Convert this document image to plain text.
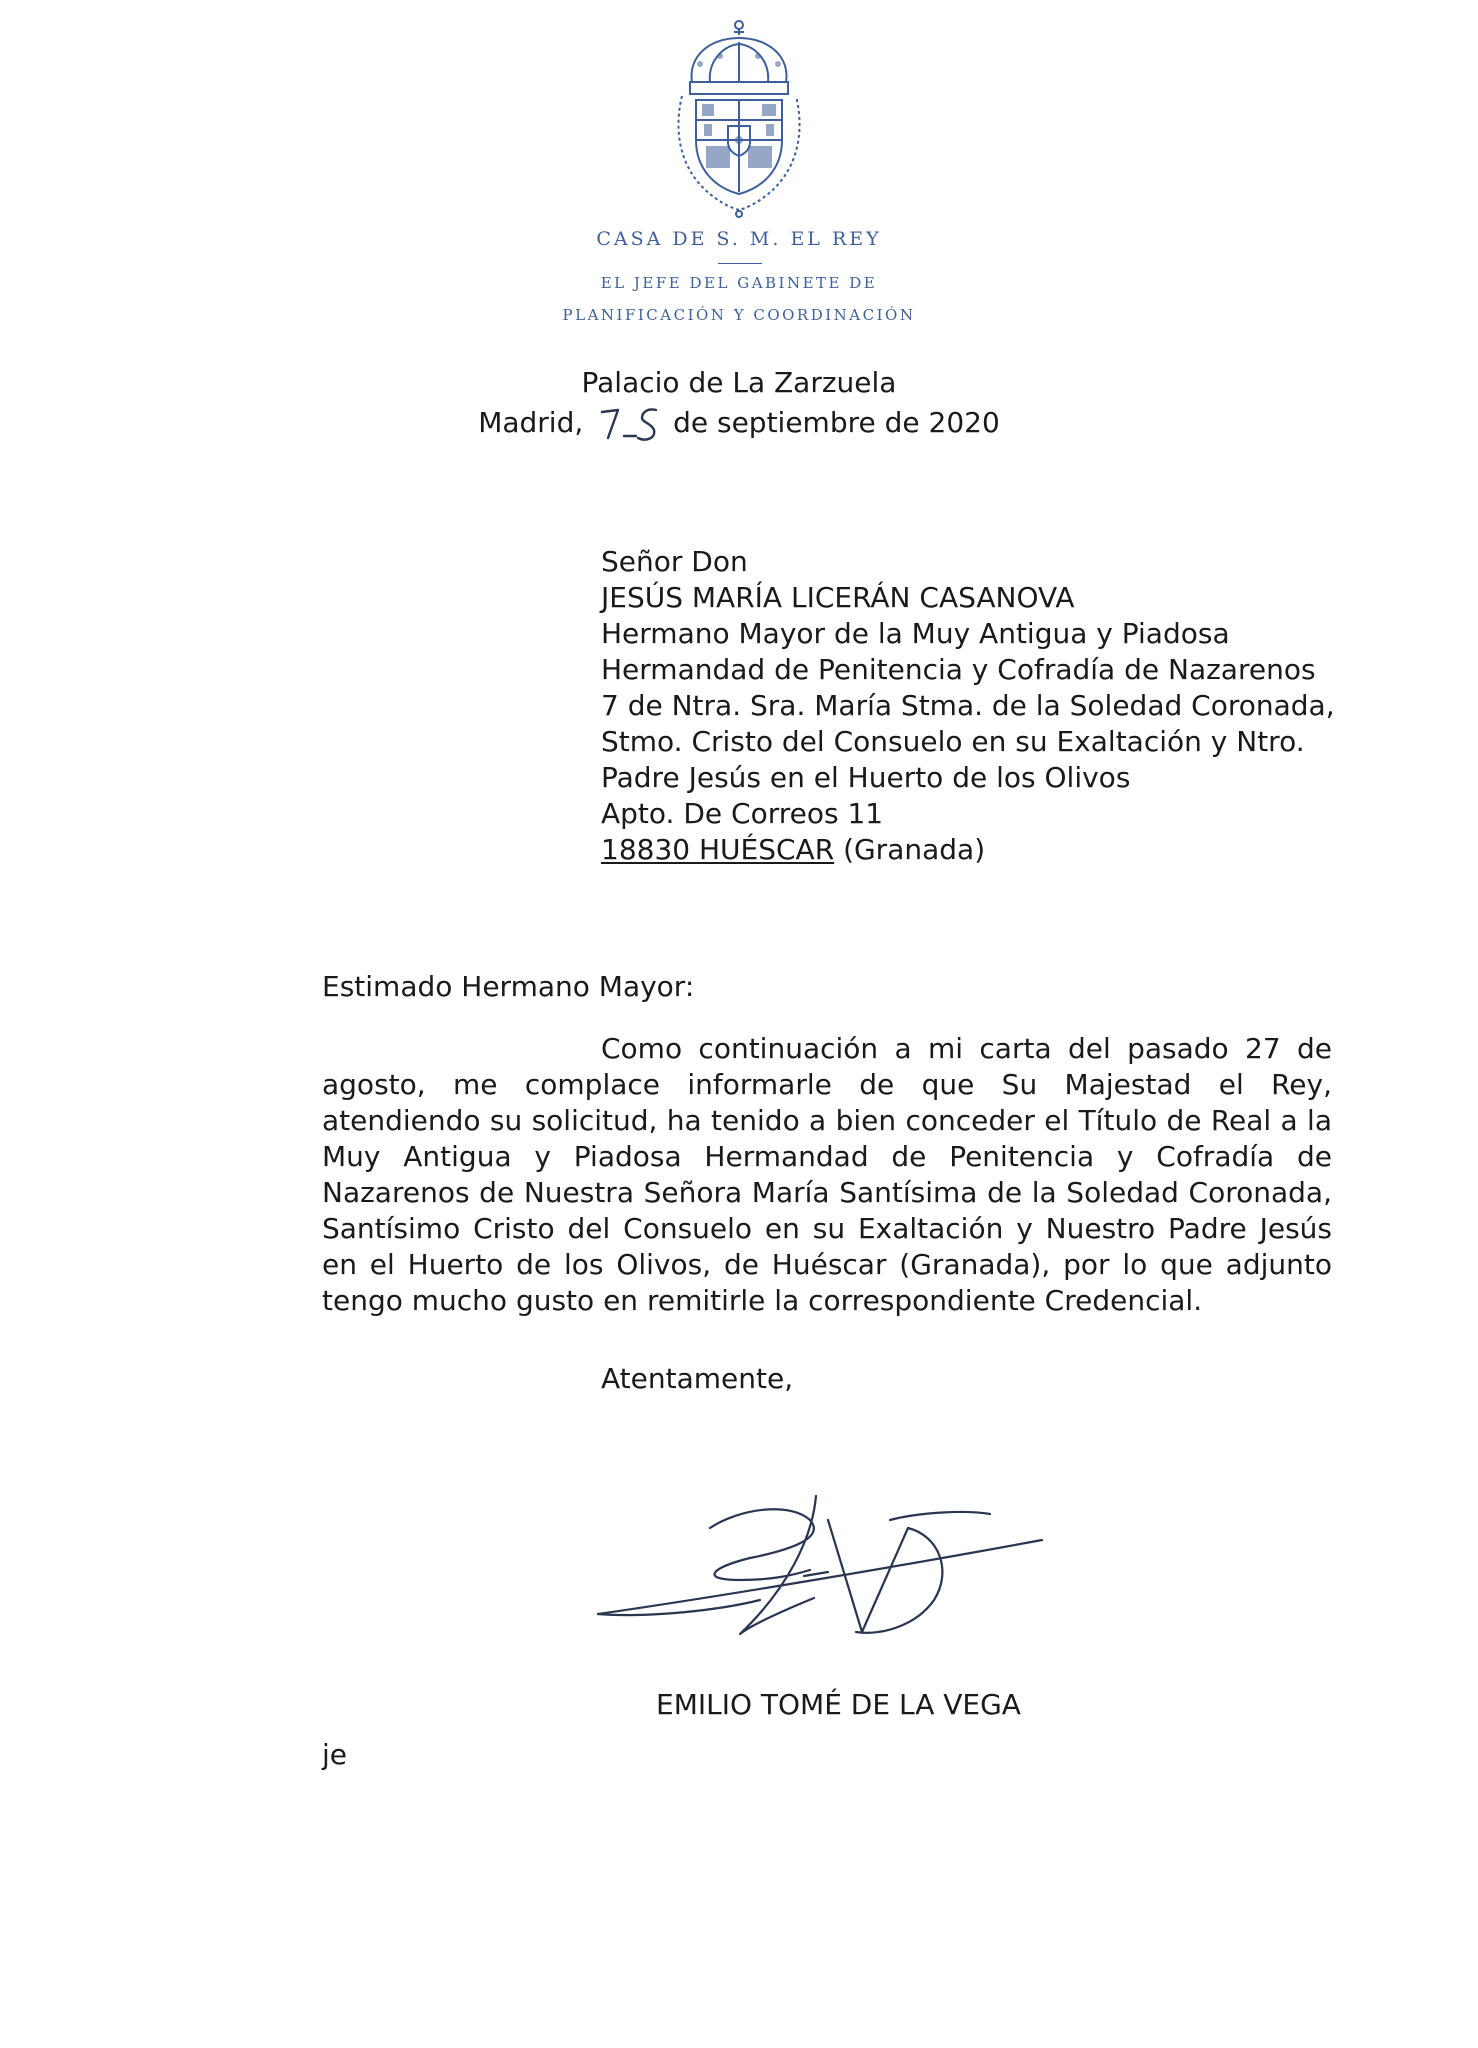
CASA DE S. M. EL REY
EL JEFE DEL GABINETE DE
PLANIFICACIÓN Y COORDINACIÓN
Palacio de La Zarzuela
Madrid,	de septiembre de 2020
Señor Don
JESÚS MARÍA LICERÁN CASANOVA
Hermano Mayor de la Muy Antigua y Piadosa
Hermandad de Penitencia y Cofradía de Nazarenos
7 de Ntra. Sra. María Stma. de la Soledad Coronada,
Stmo. Cristo del Consuelo en su Exaltación y Ntro.
Padre Jesús en el Huerto de los Olivos
Apto. De Correos 11
18830 HUÉSCAR (Granada)
Estimado Hermano Mayor:

Como continuación a mi carta del pasado 27 de agosto, me complace informarle de que Su Majestad el Rey, atendiendo su solicitud, ha tenido a bien conceder el Título de Real a la Muy Antigua y Piadosa Hermandad de Penitencia y Cofradía de Nazarenos de Nuestra Señora María Santísima de la Soledad Coronada, Santísimo Cristo del Consuelo en su Exaltación y Nuestro Padre Jesús en el Huerto de los Olivos, de Huéscar (Granada), por lo que adjunto tengo mucho gusto en remitirle la correspondiente Credencial.

Atentamente,
EMILIO TOMÉ DE LA VEGA
je
